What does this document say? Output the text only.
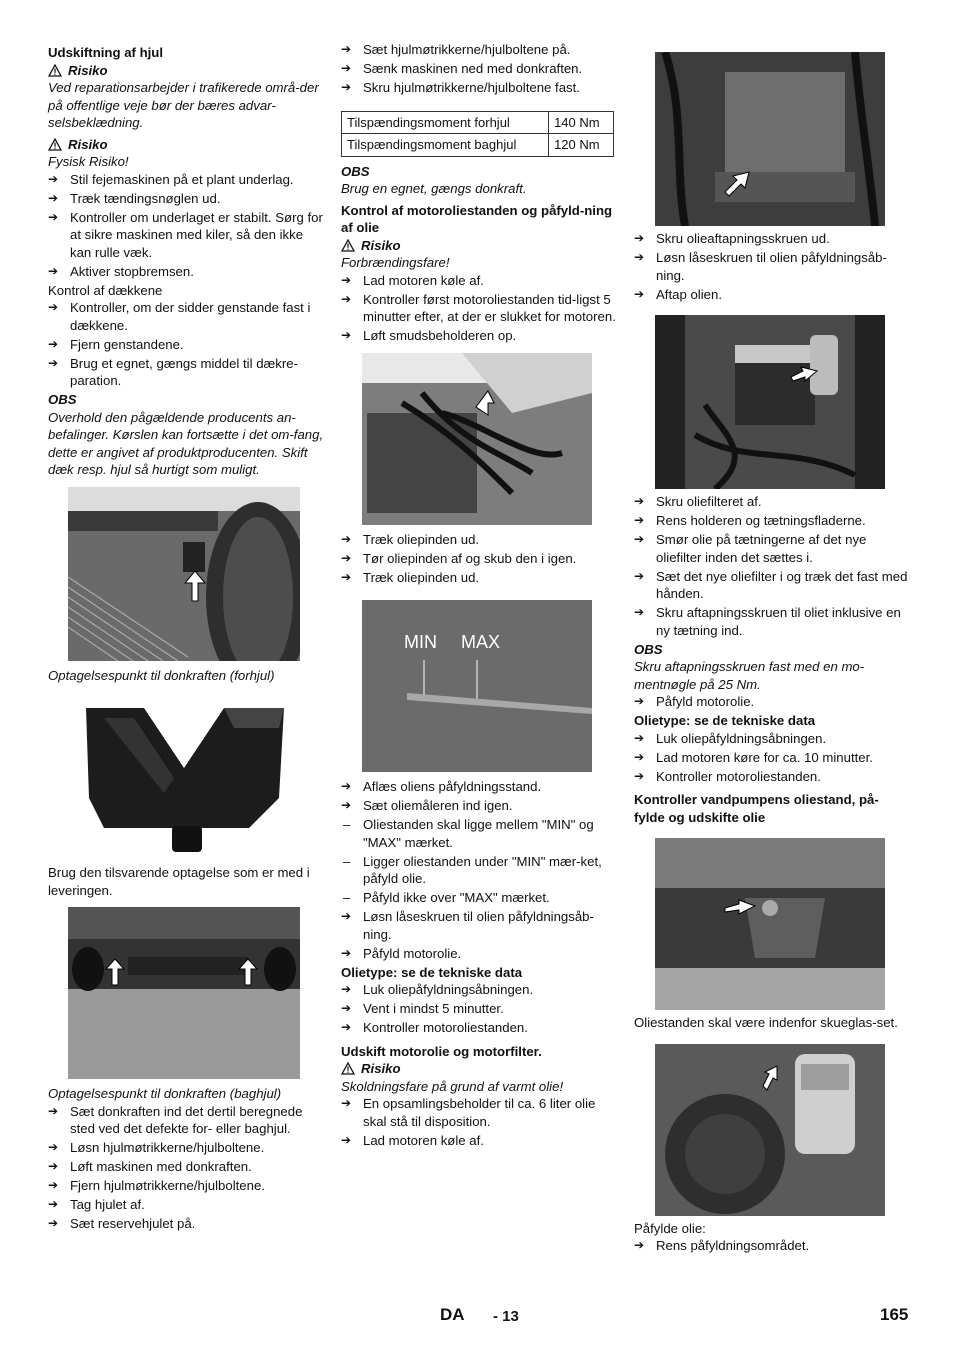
Udskiftning af hjul

Risiko

Ved reparationsarbejder i trafikerede områ-der på offentlige veje bør der bæres advar-selsbeklædning.

Risiko

Fysisk Risiko!

➔ Stil fejemaskinen på et plant underlag.
➔ Træk tændingsnøglen ud.
➔ Kontroller om underlaget er stabilt. Sørg for at sikre maskinen med kiler, så den ikke kan rulle væk.
➔ Aktiver stopbremsen.

Kontrol af dækkene

➔ Kontroller, om der sidder genstande fast i dækkene.
➔ Fjern genstandene.
➔ Brug et egnet, gængs middel til dækre-paration.

OBS

Overhold den pågældende producents an-befalinger. Kørslen kan fortsætte i det om-fang, dette er angivet af produktproducenten. Skift dæk resp. hjul så hurtigt som muligt.

Optagelsespunkt til donkraften (forhjul)

Brug den tilsvarende optagelse som er med i leveringen.

Optagelsespunkt til donkraften (baghjul)

➔ Sæt donkraften ind det dertil beregnede sted ved det defekte for- eller baghjul.
➔ Løsn hjulmøtrikkerne/hjulboltene.
➔ Løft maskinen med donkraften.
➔ Fjern hjulmøtrikkerne/hjulboltene.
➔ Tag hjulet af.
➔ Sæt reservehjulet på.
➔ Sæt hjulmøtrikkerne/hjulboltene på.
➔ Sænk maskinen ned med donkraften.
➔ Skru hjulmøtrikkerne/hjulboltene fast.
Tilspændingsmoment forhjul	140 Nm
Tilspændingsmoment baghjul	120 Nm

OBS

Brug en egnet, gængs donkraft.

Kontrol af motoroliestanden og påfyld-ning af olie

Risiko

Forbrændingsfare!

➔ Lad motoren køle af.
➔ Kontroller først motoroliestanden tid-ligst 5 minutter efter, at der er slukket for motoren.
➔ Løft smudsbeholderen op.
➔ Træk oliepinden ud.
➔ Tør oliepinden af og skub den i igen.
➔ Træk oliepinden ud.
MIN MAX
➔ Aflæs oliens påfyldningsstand.
➔ Sæt oliemåleren ind igen.
– Oliestanden skal ligge mellem "MIN" og "MAX" mærket.
– Ligger oliestanden under "MIN" mær-ket, påfyld olie.
– Påfyld ikke over "MAX" mærket.
➔ Løsn låseskruen til olien påfyldningsåb-ning.
➔ Påfyld motorolie.

Olietype: se de tekniske data

➔ Luk oliepåfyldningsåbningen.
➔ Vent i mindst 5 minutter.
➔ Kontroller motoroliestanden.

Udskift motorolie og motorfilter.

Risiko

Skoldningsfare på grund af varmt olie!

➔ En opsamlingsbeholder til ca. 6 liter olie skal stå til disposition.
➔ Lad motoren køle af.
➔ Skru olieaftapningsskruen ud.
➔ Løsn låseskruen til olien påfyldningsåb-ning.
➔ Aftap olien.
➔ Skru oliefilteret af.
➔ Rens holderen og tætningsfladerne.
➔ Smør olie på tætningerne af det nye oliefilter inden det sættes i.
➔ Sæt det nye oliefilter i og træk det fast med hånden.
➔ Skru aftapningsskruen til oliet inklusive en ny tætning ind.

OBS

Skru aftapningsskruen fast med en mo-mentnøgle på 25 Nm.

➔ Påfyld motorolie.

Olietype: se de tekniske data

➔ Luk oliepåfyldningsåbningen.
➔ Lad motoren køre for ca. 10 minutter.
➔ Kontroller motoroliestanden.

Kontroller vandpumpens oliestand, på-fylde og udskifte olie

Oliestanden skal være indenfor skueglas-set.

Påfylde olie:

➔ Rens påfyldningsområdet.
DA - 13	165
